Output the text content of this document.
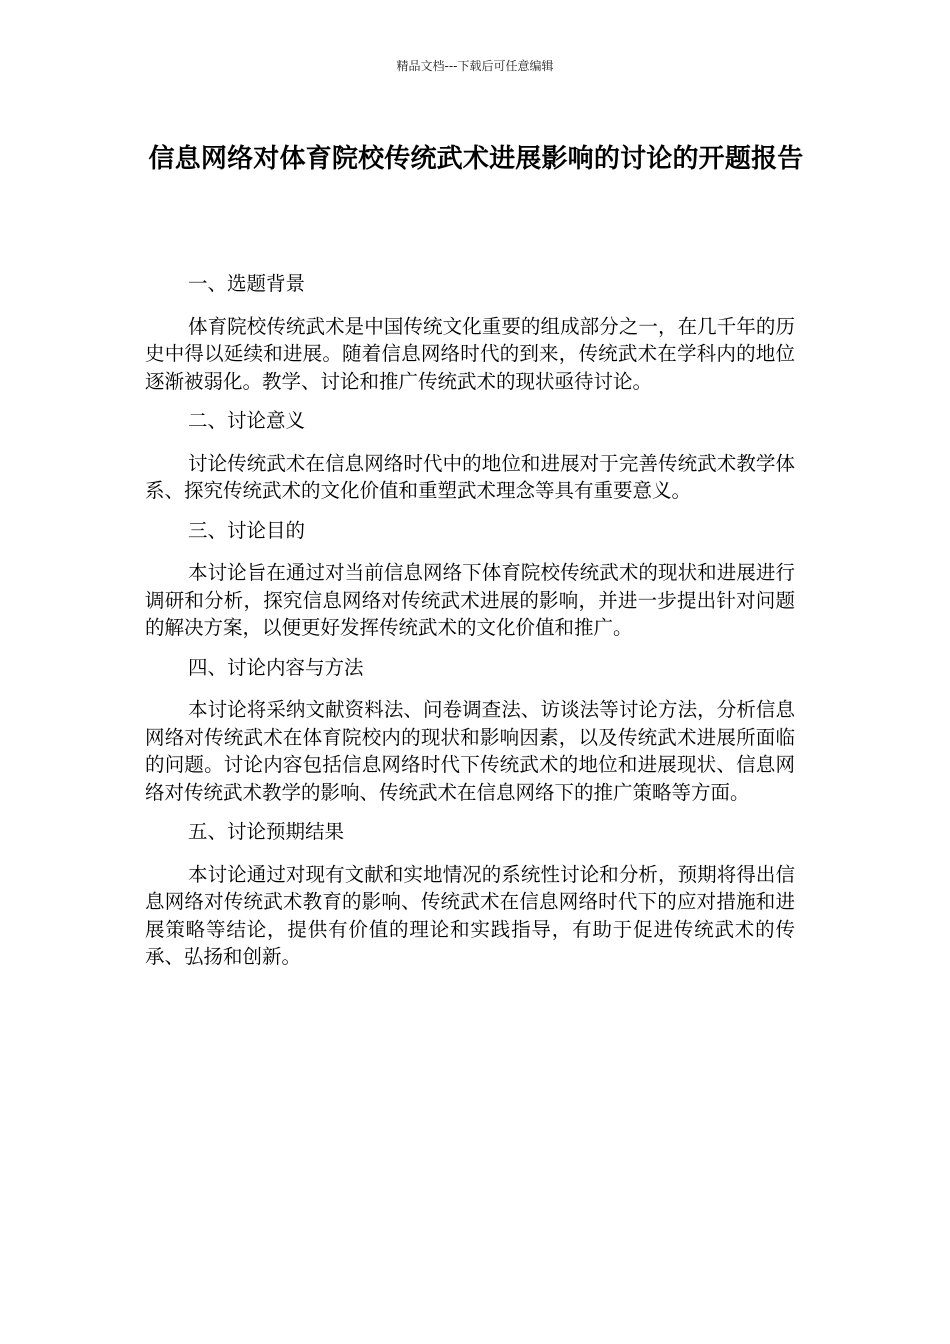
精品文档---下载后可任意编辑
信息网络对体育院校传统武术进展影响的讨论的开题报告

一、选题背景

体育院校传统武术是中国传统文化重要的组成部分之一，在几千年的历史中得以延续和进展。随着信息网络时代的到来，传统武术在学科内的地位逐渐被弱化。教学、讨论和推广传统武术的现状亟待讨论。

二、讨论意义

讨论传统武术在信息网络时代中的地位和进展对于完善传统武术教学体系、探究传统武术的文化价值和重塑武术理念等具有重要意义。

三、讨论目的

本讨论旨在通过对当前信息网络下体育院校传统武术的现状和进展进行调研和分析，探究信息网络对传统武术进展的影响，并进一步提出针对问题的解决方案，以便更好发挥传统武术的文化价值和推广。

四、讨论内容与方法

本讨论将采纳文献资料法、问卷调查法、访谈法等讨论方法，分析信息网络对传统武术在体育院校内的现状和影响因素，以及传统武术进展所面临的问题。讨论内容包括信息网络时代下传统武术的地位和进展现状、信息网络对传统武术教学的影响、传统武术在信息网络下的推广策略等方面。

五、讨论预期结果

本讨论通过对现有文献和实地情况的系统性讨论和分析，预期将得出信息网络对传统武术教育的影响、传统武术在信息网络时代下的应对措施和进展策略等结论，提供有价值的理论和实践指导，有助于促进传统武术的传承、弘扬和创新。
